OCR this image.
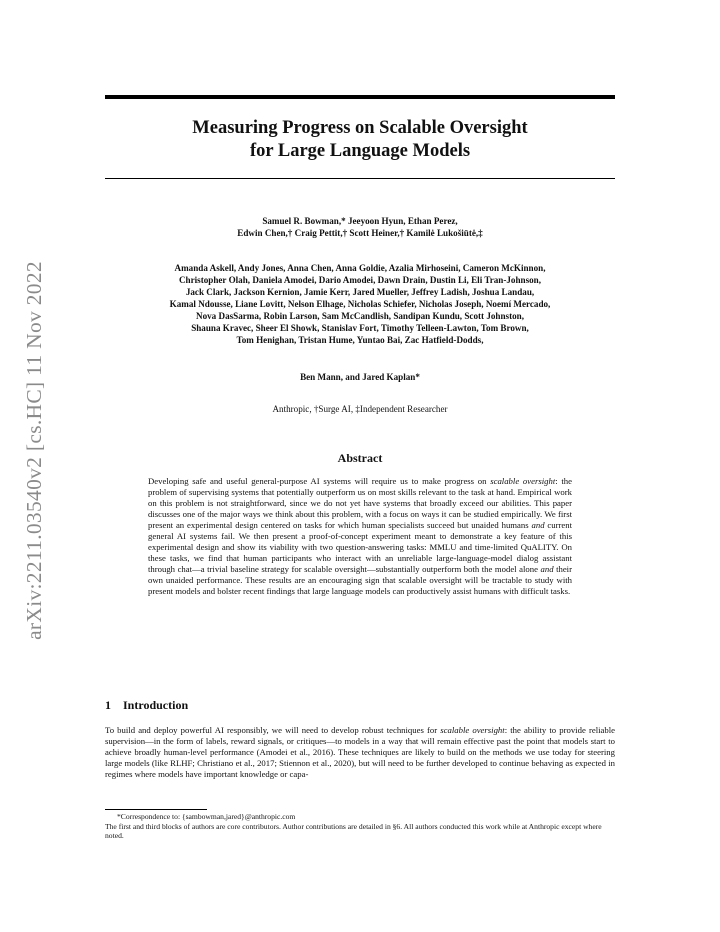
arXiv:2211.03540v2 [cs.HC] 11 Nov 2022
Measuring Progress on Scalable Oversight
for Large Language Models
Samuel R. Bowman,* Jeeyoon Hyun, Ethan Perez,
Edwin Chen,† Craig Pettit,† Scott Heiner,† Kamilė Lukošiūtė,‡
Amanda Askell, Andy Jones, Anna Chen, Anna Goldie, Azalia Mirhoseini, Cameron McKinnon,
Christopher Olah, Daniela Amodei, Dario Amodei, Dawn Drain, Dustin Li, Eli Tran-Johnson,
Jack Clark, Jackson Kernion, Jamie Kerr, Jared Mueller, Jeffrey Ladish, Joshua Landau,
Kamal Ndousse, Liane Lovitt, Nelson Elhage, Nicholas Schiefer, Nicholas Joseph, Noemí Mercado,
Nova DasSarma, Robin Larson, Sam McCandlish, Sandipan Kundu, Scott Johnston,
Shauna Kravec, Sheer El Showk, Stanislav Fort, Timothy Telleen-Lawton, Tom Brown,
Tom Henighan, Tristan Hume, Yuntao Bai, Zac Hatfield-Dodds,
Ben Mann, and Jared Kaplan*
Anthropic, †Surge AI, ‡Independent Researcher
Abstract
Developing safe and useful general-purpose AI systems will require us to make progress on scalable oversight: the problem of supervising systems that potentially outperform us on most skills relevant to the task at hand. Empirical work on this problem is not straightforward, since we do not yet have systems that broadly exceed our abilities. This paper discusses one of the major ways we think about this problem, with a focus on ways it can be studied empirically. We first present an experimental design centered on tasks for which human specialists succeed but unaided humans and current general AI systems fail. We then present a proof-of-concept experiment meant to demonstrate a key feature of this experimental design and show its viability with two question-answering tasks: MMLU and time-limited QuALITY. On these tasks, we find that human participants who interact with an unreliable large-language-model dialog assistant through chat—a trivial baseline strategy for scalable oversight—substantially outperform both the model alone and their own unaided performance. These results are an encouraging sign that scalable oversight will be tractable to study with present models and bolster recent findings that large language models can productively assist humans with difficult tasks.
1 Introduction
To build and deploy powerful AI responsibly, we will need to develop robust techniques for scalable oversight: the ability to provide reliable supervision—in the form of labels, reward signals, or critiques—to models in a way that will remain effective past the point that models start to achieve broadly human-level performance (Amodei et al., 2016). These techniques are likely to build on the methods we use today for steering large models (like RLHF; Christiano et al., 2017; Stiennon et al., 2020), but will need to be further developed to continue behaving as expected in regimes where models have important knowledge or capa-
*Correspondence to: {sambowman,jared}@anthropic.com
The first and third blocks of authors are core contributors. Author contributions are detailed in §6. All authors conducted this work while at Anthropic except where noted.
